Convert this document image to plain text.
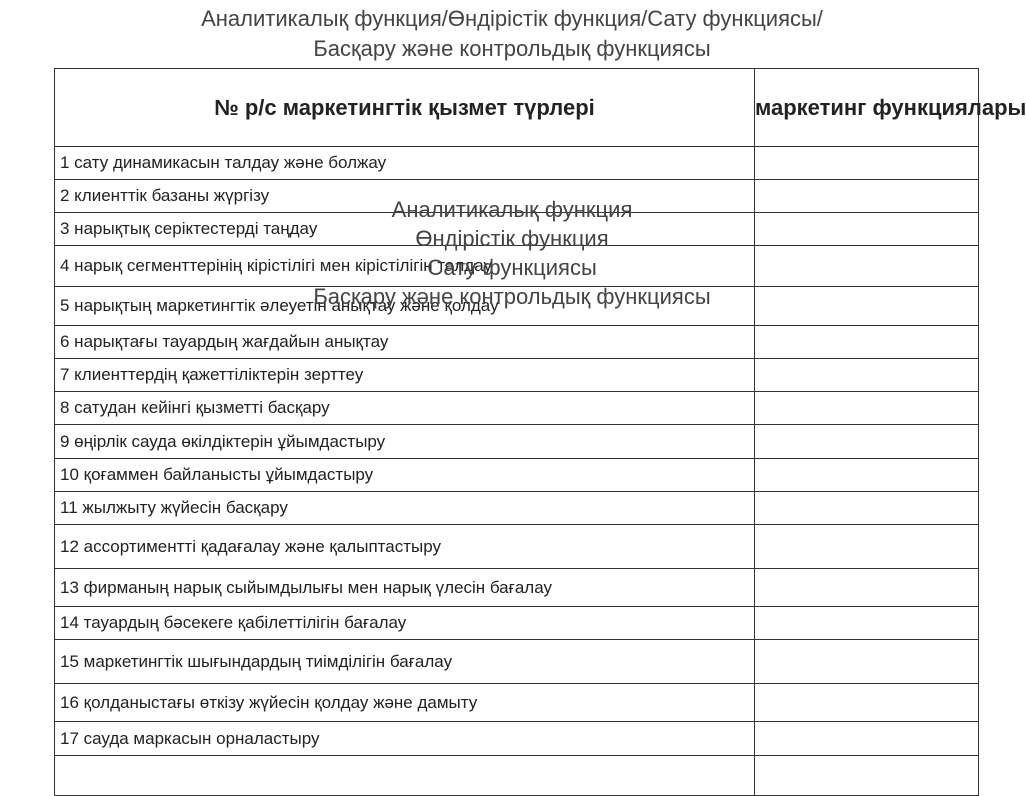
Аналитикалық функция/Өндірістік функция/Сату функциясы/
Басқару және контрольдық функциясы
№ р/с маркетингтік қызмет түрлері	маркетинг функциялары
1 сату динамикасын талдау және болжау	
2 клиенттік базаны жүргізу	
3 нарықтық серіктестерді таңдау	
4 нарық сегменттерінің кірістілігі мен кірістілігін талдау	
5 нарықтың маркетингтік әлеуетін анықтау және қолдау	
6 нарықтағы тауардың жағдайын анықтау	
7 клиенттердің қажеттіліктерін зерттеу	
8 сатудан кейінгі қызметті басқару	
9 өңірлік сауда өкілдіктерін ұйымдастыру	
10 қоғаммен байланысты ұйымдастыру	
11 жылжыту жүйесін басқару	
12 ассортиментті қадағалау және қалыптастыру	
13 фирманың нарық сыйымдылығы мен нарық үлесін бағалау	
14 тауардың бәсекеге қабілеттілігін бағалау	
15 маркетингтік шығындардың тиімділігін бағалау	
16 қолданыстағы өткізу жүйесін қолдау және дамыту	
17 сауда маркасын орналастыру	

Аналитикалық функция
Өндірістік функция
Сату функциясы
Басқару және контрольдық функциясы
